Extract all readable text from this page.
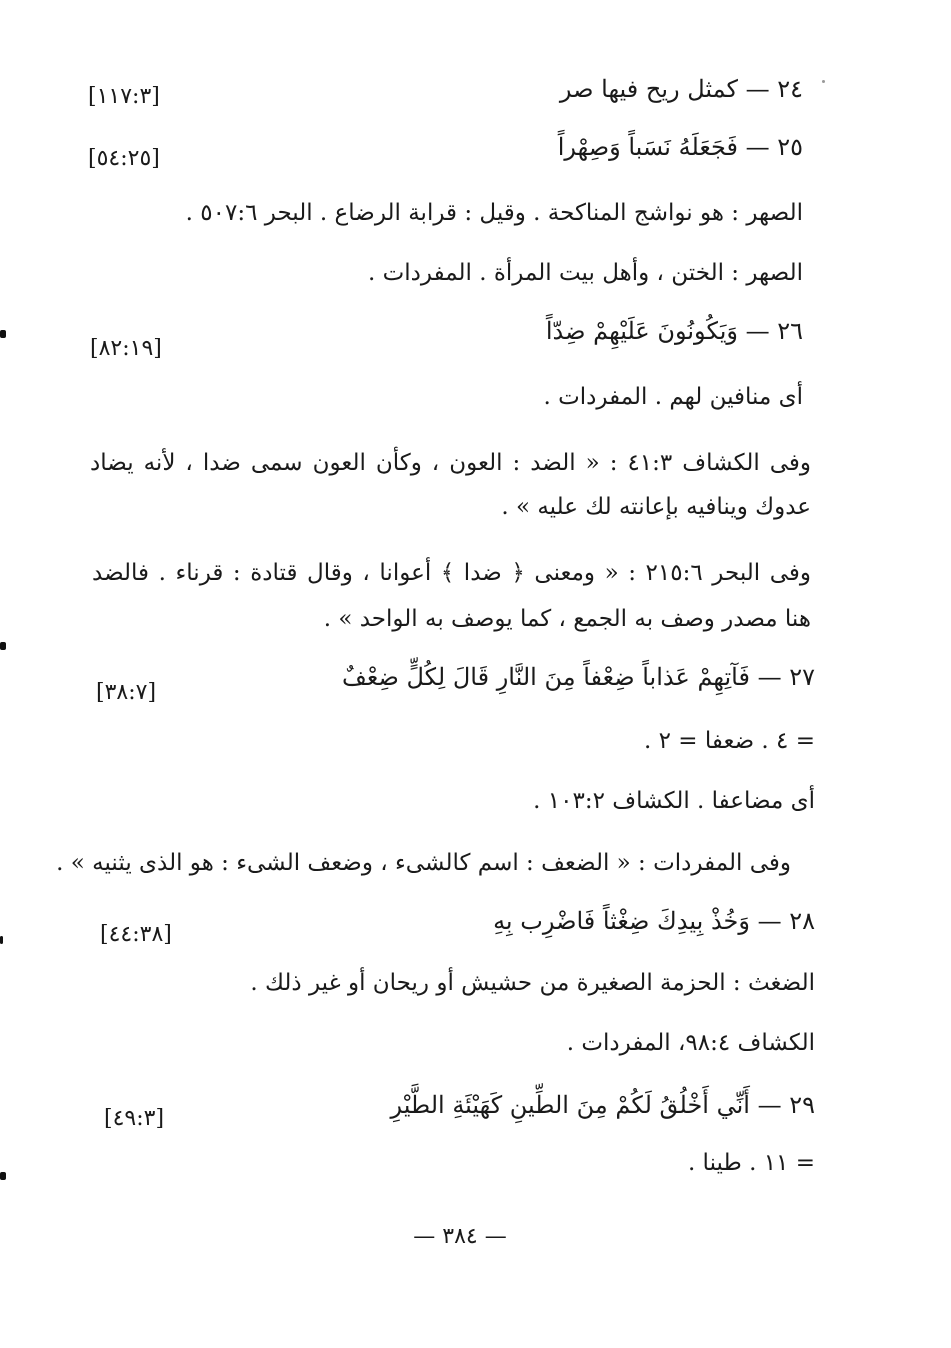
٢٤ — كمثل ريح فيها صر
[١١٧:٣]
٢٥ — فَجَعَلَهُ نَسَباً وَصِهْراً
[٥٤:٢٥]
الصهر : هو نواشج المناكحة . وقيل : قرابة الرضاع . البحر ٥٠٧:٦ .
الصهر : الختن ، وأهل بيت المرأة . المفردات .
٢٦ — وَيَكُونُونَ عَلَيْهِمْ ضِدّاً
[٨٢:١٩]
أى منافين لهم . المفردات .
وفى الكشاف ٤١:٣ : « الضد : العون ، وكأن العون سمى ضدا ، لأنه يضاد
عدوك وينافيه بإعانته لك عليه » .
وفى البحر ٢١٥:٦ : « ومعنى ﴿ ضدا ﴾ أعوانا ، وقال قتادة : قرناء . فالضد
هنا مصدر وصف به الجمع ، كما يوصف به الواحد » .
٢٧ — فَآتِهِمْ عَذاباً ضِعْفاً مِنَ النَّارِ قَالَ لِكُلٍّ ضِعْفٌ
[٣٨:٧]
= ٤ . ضعفا = ٢ .
أى مضاعفا . الكشاف ١٠٣:٢ .
وفى المفردات : « الضعف : اسم كالشىء ، وضعف الشىء : هو الذى يثنيه » .
٢٨ — وَخُذْ بِيدِكَ ضِغْثاً فَاضْرِب بِهِ
[٤٤:٣٨]
الضغث : الحزمة الصغيرة من حشيش أو ريحان أو غير ذلك .
الكشاف ٩٨:٤، المفردات .
٢٩ — أَنِّي أَخْلُقُ لَكُمْ مِنَ الطِّينِ كَهَيْئَةِ الطَّيْرِ
[٤٩:٣]
= ١١ . طينا .
— ٣٨٤ —
